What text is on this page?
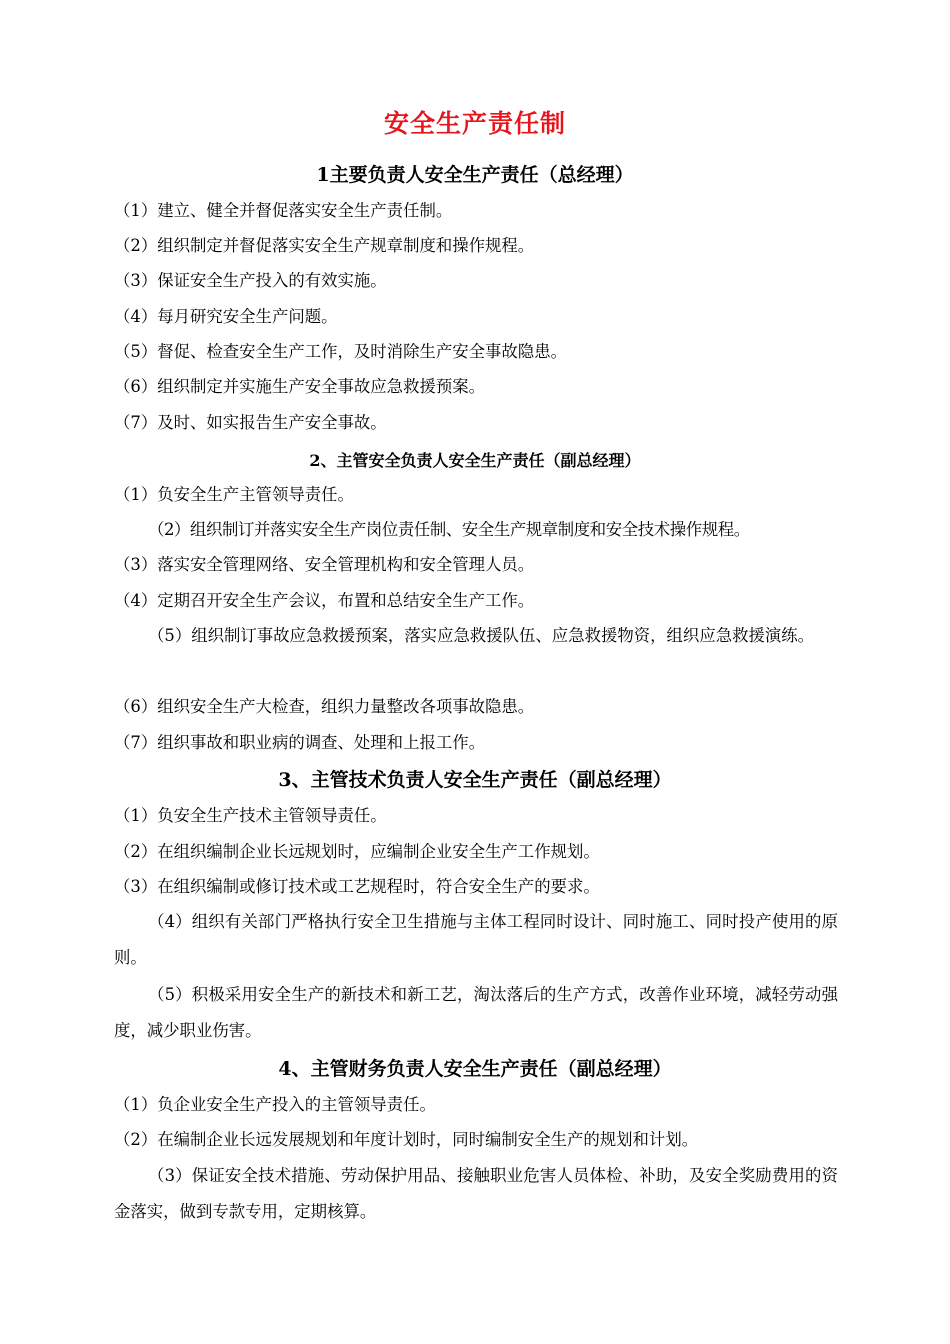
安全生产责任制
1主要负责人安全生产责任（总经理）
（1）建立、健全并督促落实安全生产责任制。
（2）组织制定并督促落实安全生产规章制度和操作规程。
（3）保证安全生产投入的有效实施。
（4）每月研究安全生产问题。
（5）督促、检查安全生产工作，及时消除生产安全事故隐患。
（6）组织制定并实施生产安全事故应急救援预案。
（7）及时、如实报告生产安全事故。
2、主管安全负责人安全生产责任（副总经理）
（1）负安全生产主管领导责任。
（2）组织制订并落实安全生产岗位责任制、安全生产规章制度和安全技术操作规程。
（3）落实安全管理网络、安全管理机构和安全管理人员。
（4）定期召开安全生产会议，布置和总结安全生产工作。
（5）组织制订事故应急救援预案，落实应急救援队伍、应急救援物资，组织应急救援演练。
（6）组织安全生产大检查，组织力量整改各项事故隐患。
（7）组织事故和职业病的调查、处理和上报工作。
3、主管技术负责人安全生产责任（副总经理）
（1）负安全生产技术主管领导责任。
（2）在组织编制企业长远规划时，应编制企业安全生产工作规划。
（3）在组织编制或修订技术或工艺规程时，符合安全生产的要求。
（4）组织有关部门严格执行安全卫生措施与主体工程同时设计、同时施工、同时投产使用的原则。
（5）积极采用安全生产的新技术和新工艺，淘汰落后的生产方式，改善作业环境，减轻劳动强度，减少职业伤害。
4、主管财务负责人安全生产责任（副总经理）
（1）负企业安全生产投入的主管领导责任。
（2）在编制企业长远发展规划和年度计划时，同时编制安全生产的规划和计划。
（3）保证安全技术措施、劳动保护用品、接触职业危害人员体检、补助，及安全奖励费用的资金落实，做到专款专用，定期核算。
